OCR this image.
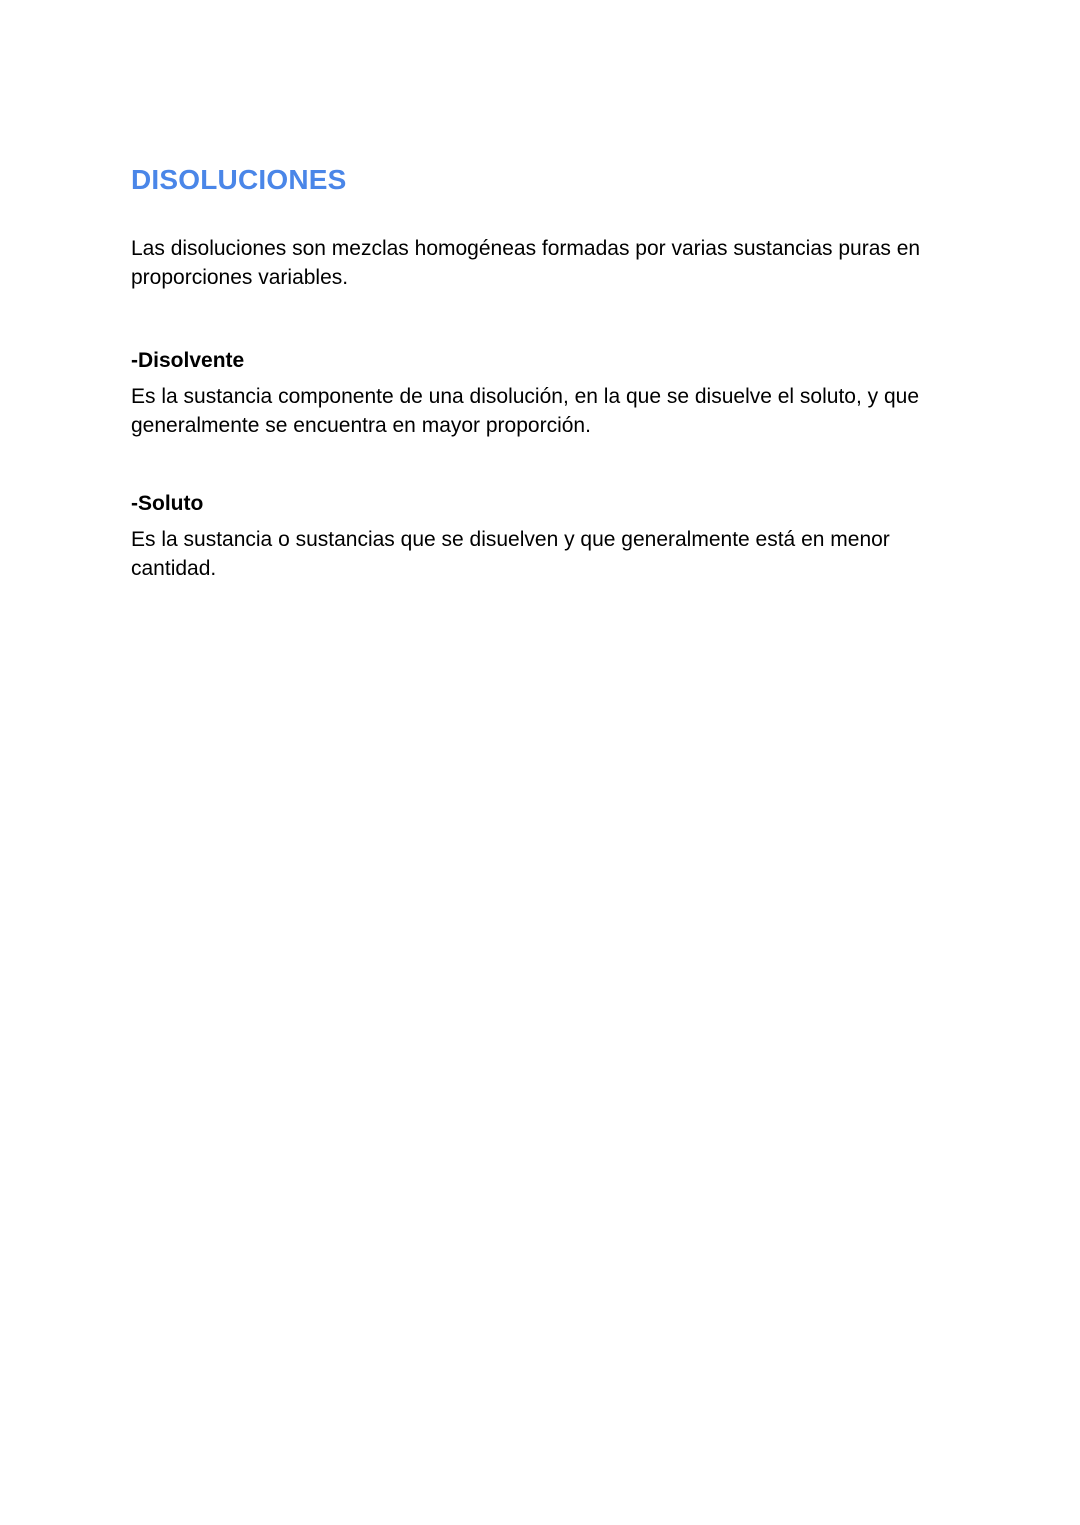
DISOLUCIONES

Las disoluciones son mezclas homogéneas formadas por varias sustancias puras en proporciones variables.

-Disolvente

Es la sustancia componente de una disolución, en la que se disuelve el soluto, y que generalmente se encuentra en mayor proporción.

-Soluto

Es la sustancia o sustancias que se disuelven y que generalmente está en menor cantidad.
